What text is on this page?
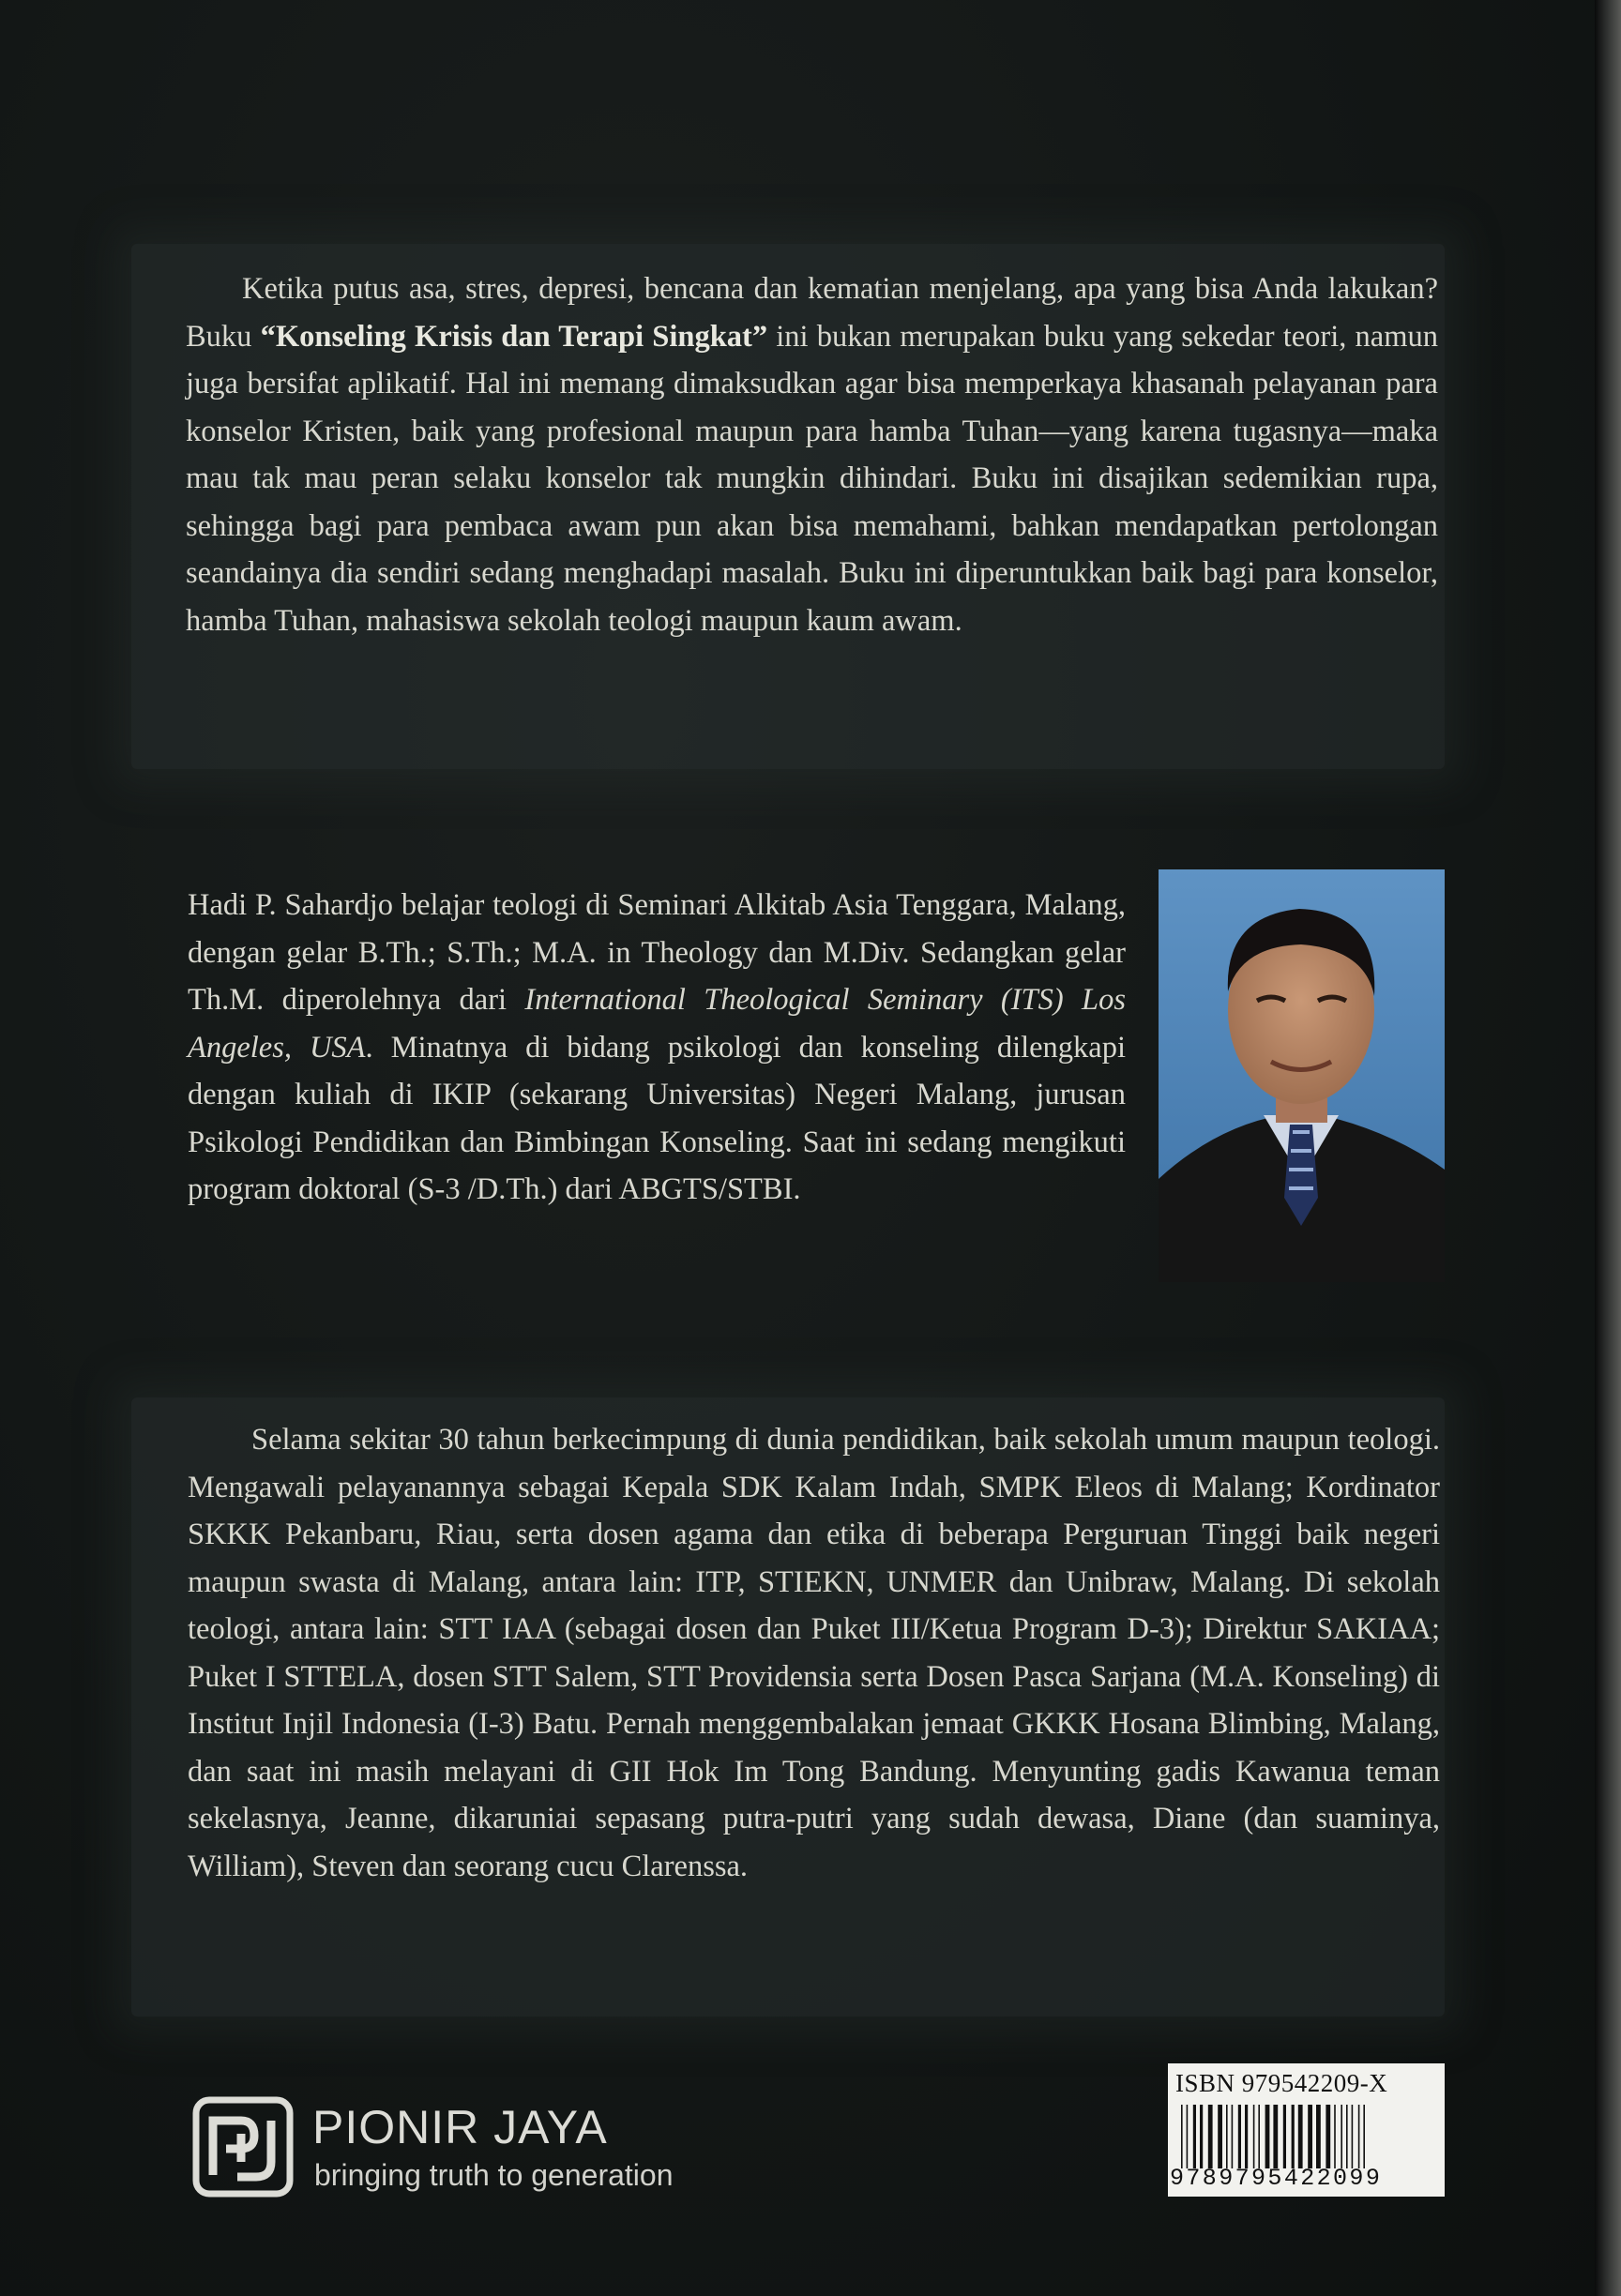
Ketika putus asa, stres, depresi, bencana dan kematian menjelang, apa yang bisa Anda lakukan? Buku “Konseling Krisis dan Terapi Singkat” ini bukan merupakan buku yang sekedar teori, namun juga bersifat aplikatif. Hal ini memang dimaksudkan agar bisa memperkaya khasanah pelayanan para konselor Kristen, baik yang profesional maupun para hamba Tuhan—yang karena tugasnya—maka mau tak mau peran selaku konselor tak mungkin dihindari. Buku ini disajikan sedemikian rupa, sehingga bagi para pembaca awam pun akan bisa memahami, bahkan mendapatkan pertolongan seandainya dia sendiri sedang menghadapi masalah. Buku ini diperuntukkan baik bagi para konselor, hamba Tuhan, mahasiswa sekolah teologi maupun kaum awam.

Hadi P. Sahardjo belajar teologi di Seminari Alkitab Asia Tenggara, Malang, dengan gelar B.Th.; S.Th.; M.A. in Theology dan M.Div. Sedangkan gelar Th.M. diperolehnya dari International Theological Seminary (ITS) Los Angeles, USA. Minatnya di bidang psikologi dan konseling dilengkapi dengan kuliah di IKIP (sekarang Universitas) Negeri Malang, jurusan Psikologi Pendidikan dan Bimbingan Konseling. Saat ini sedang mengikuti program doktoral (S-3 /D.Th.) dari ABGTS/STBI.

Selama sekitar 30 tahun berkecimpung di dunia pendidikan, baik sekolah umum maupun teologi. Mengawali pelayanannya sebagai Kepala SDK Kalam Indah, SMPK Eleos di Malang; Kordinator SKKK Pekanbaru, Riau, serta dosen agama dan etika di beberapa Perguruan Tinggi baik negeri maupun swasta di Malang, antara lain: ITP, STIEKN, UNMER dan Unibraw, Malang. Di sekolah teologi, antara lain: STT IAA (sebagai dosen dan Puket III/Ketua Program D-3); Direktur SAKIAA; Puket I STTELA, dosen STT Salem, STT Providensia serta Dosen Pasca Sarjana (M.A. Konseling) di Institut Injil Indonesia (I-3) Batu. Pernah menggembalakan jemaat GKKK Hosana Blimbing, Malang, dan saat ini masih melayani di GII Hok Im Tong Bandung. Menyunting gadis Kawanua teman sekelasnya, Jeanne, dikaruniai sepasang putra-putri yang sudah dewasa, Diane (dan suaminya, William), Steven dan seorang cucu Clarenssa.

PIONIR JAYA
bringing truth to generation
ISBN 979542209-X
9789795422099
